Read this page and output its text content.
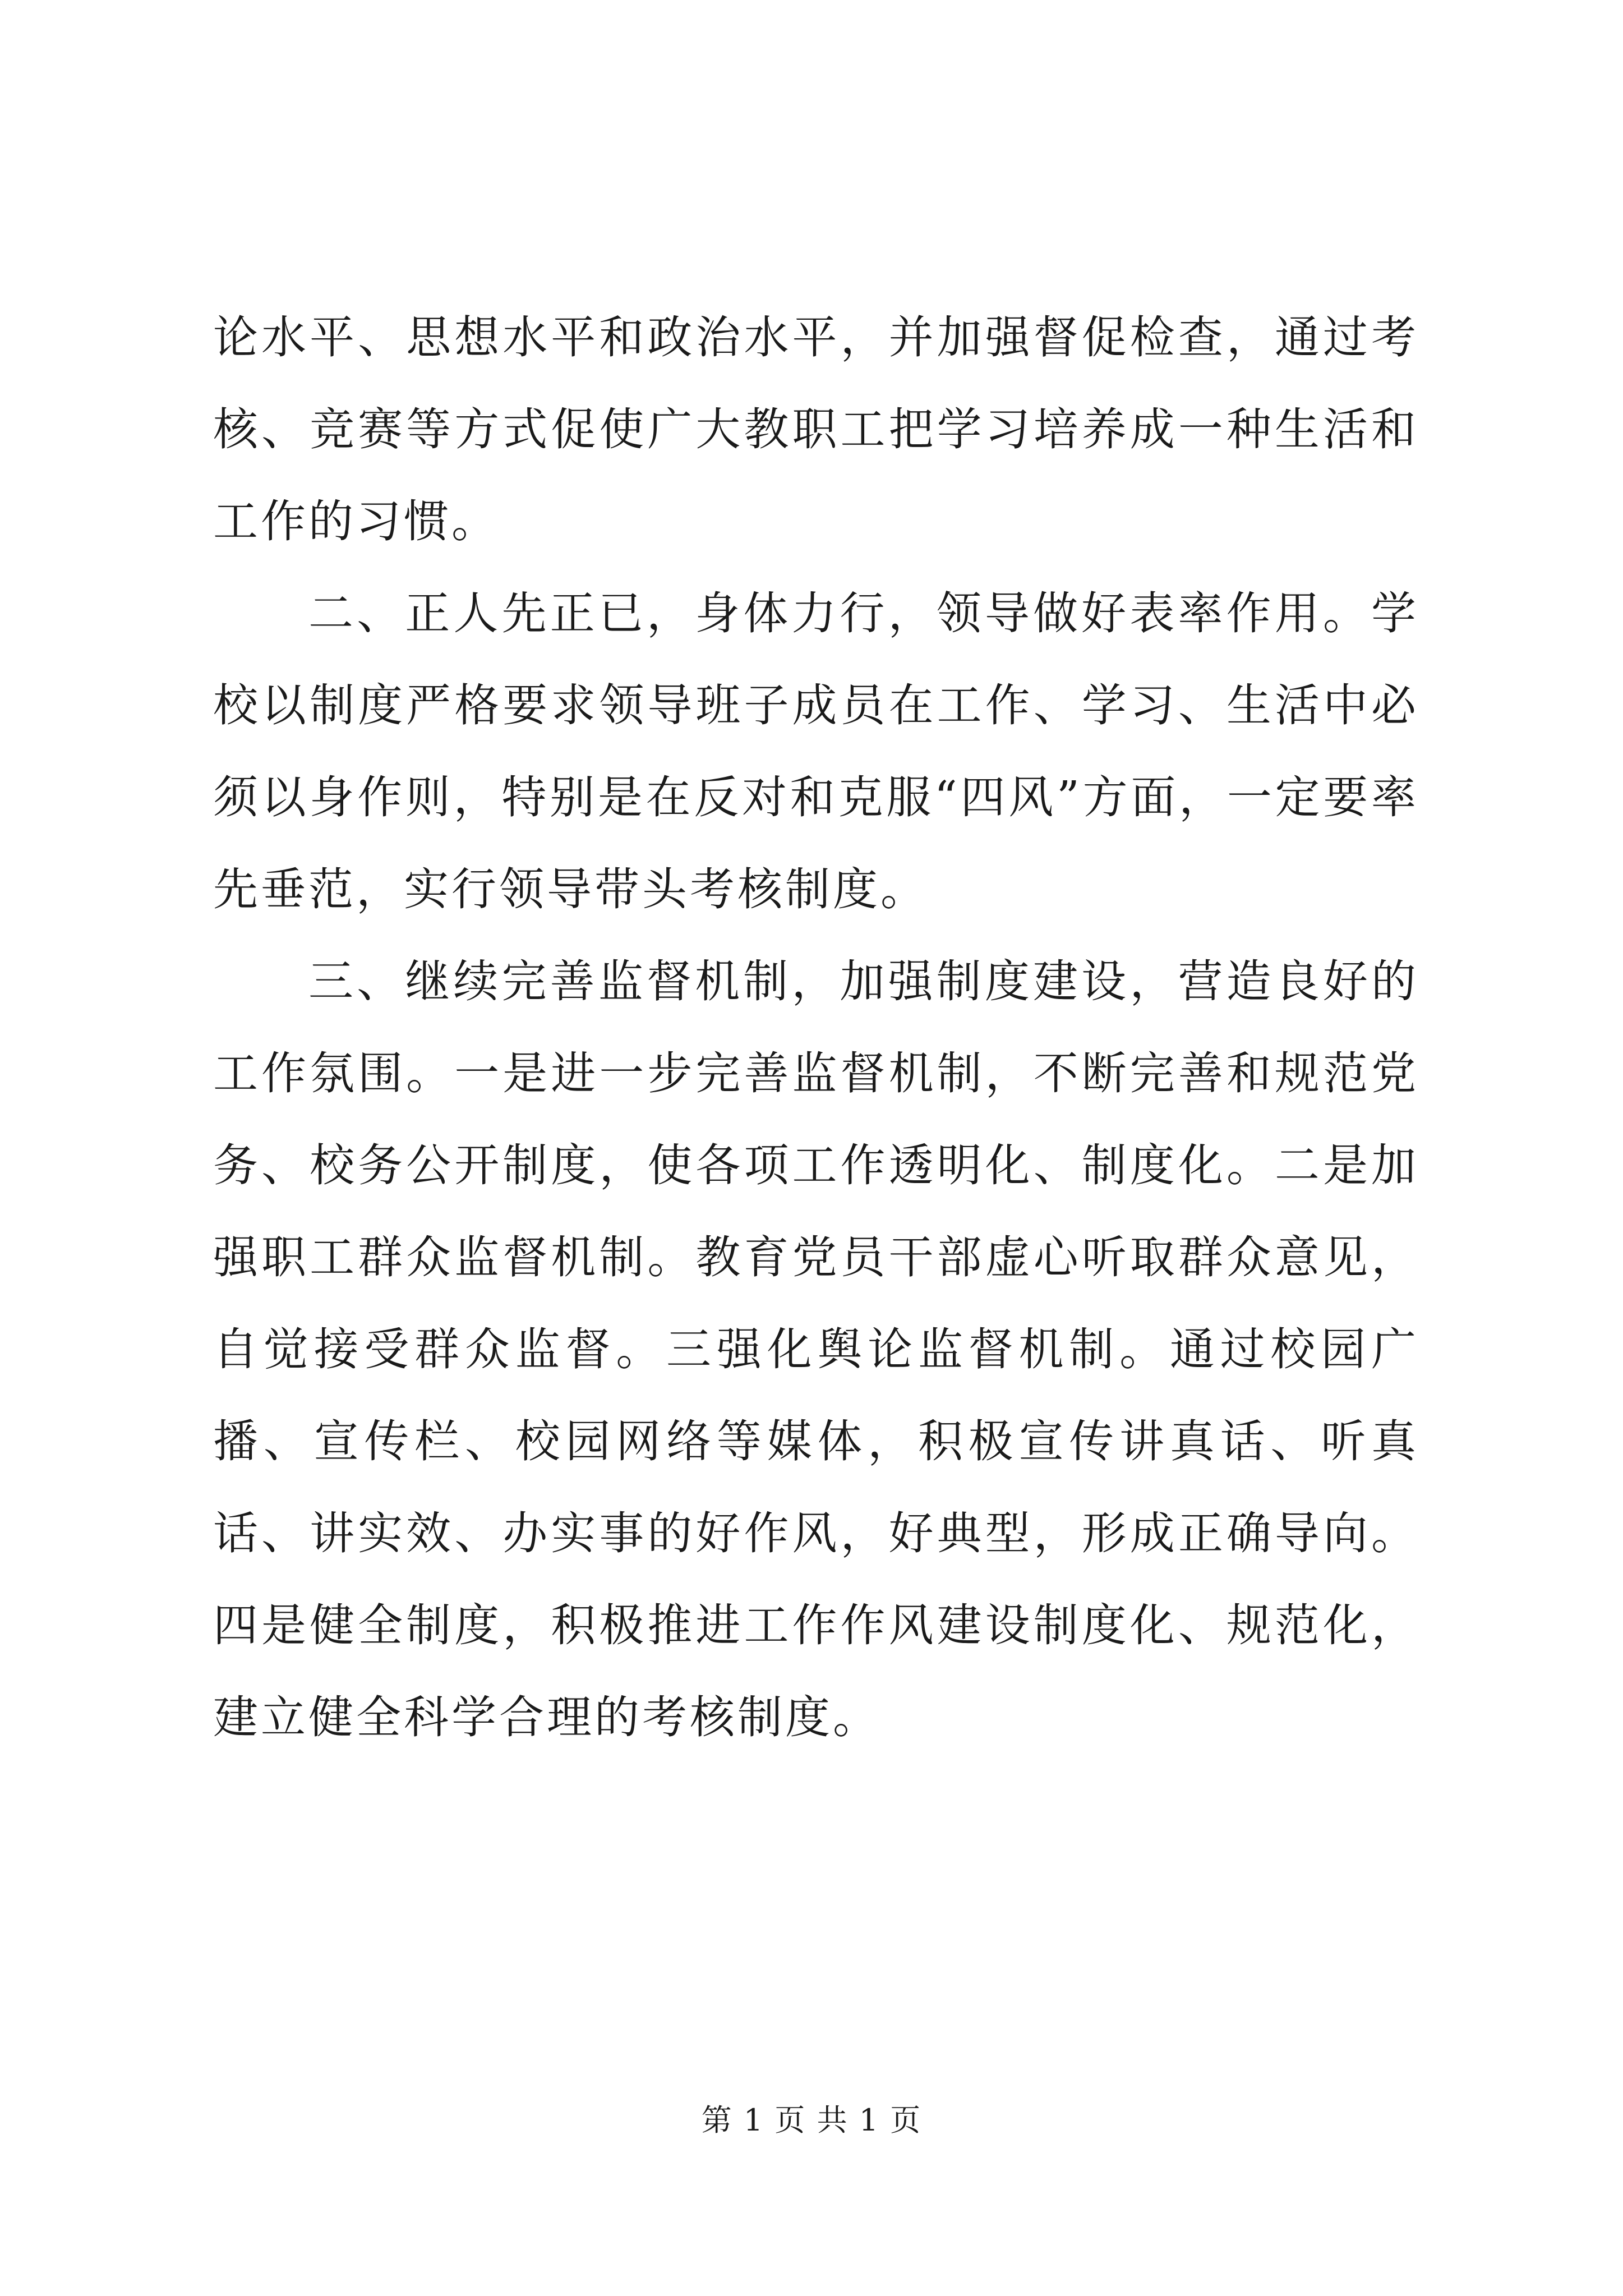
论水平、思想水平和政治水平，并加强督促检查，通过考核、竞赛等方式促使广大教职工把学习培养成一种生活和工作的习惯。

二、正人先正已，身体力行，领导做好表率作用。学校以制度严格要求领导班子成员在工作、学习、生活中必须以身作则，特别是在反对和克服“四风”方面，一定要率先垂范，实行领导带头考核制度。

三、继续完善监督机制，加强制度建设，营造良好的工作氛围。一是进一步完善监督机制，不断完善和规范党务、校务公开制度，使各项工作透明化、制度化。二是加强职工群众监督机制。教育党员干部虚心听取群众意见，自觉接受群众监督。三强化舆论监督机制。通过校园广播、宣传栏、校园网络等媒体，积极宣传讲真话、听真话、讲实效、办实事的好作风，好典型，形成正确导向。四是健全制度，积极推进工作作风建设制度化、规范化，建立健全科学合理的考核制度。

第 1 页 共 1 页
